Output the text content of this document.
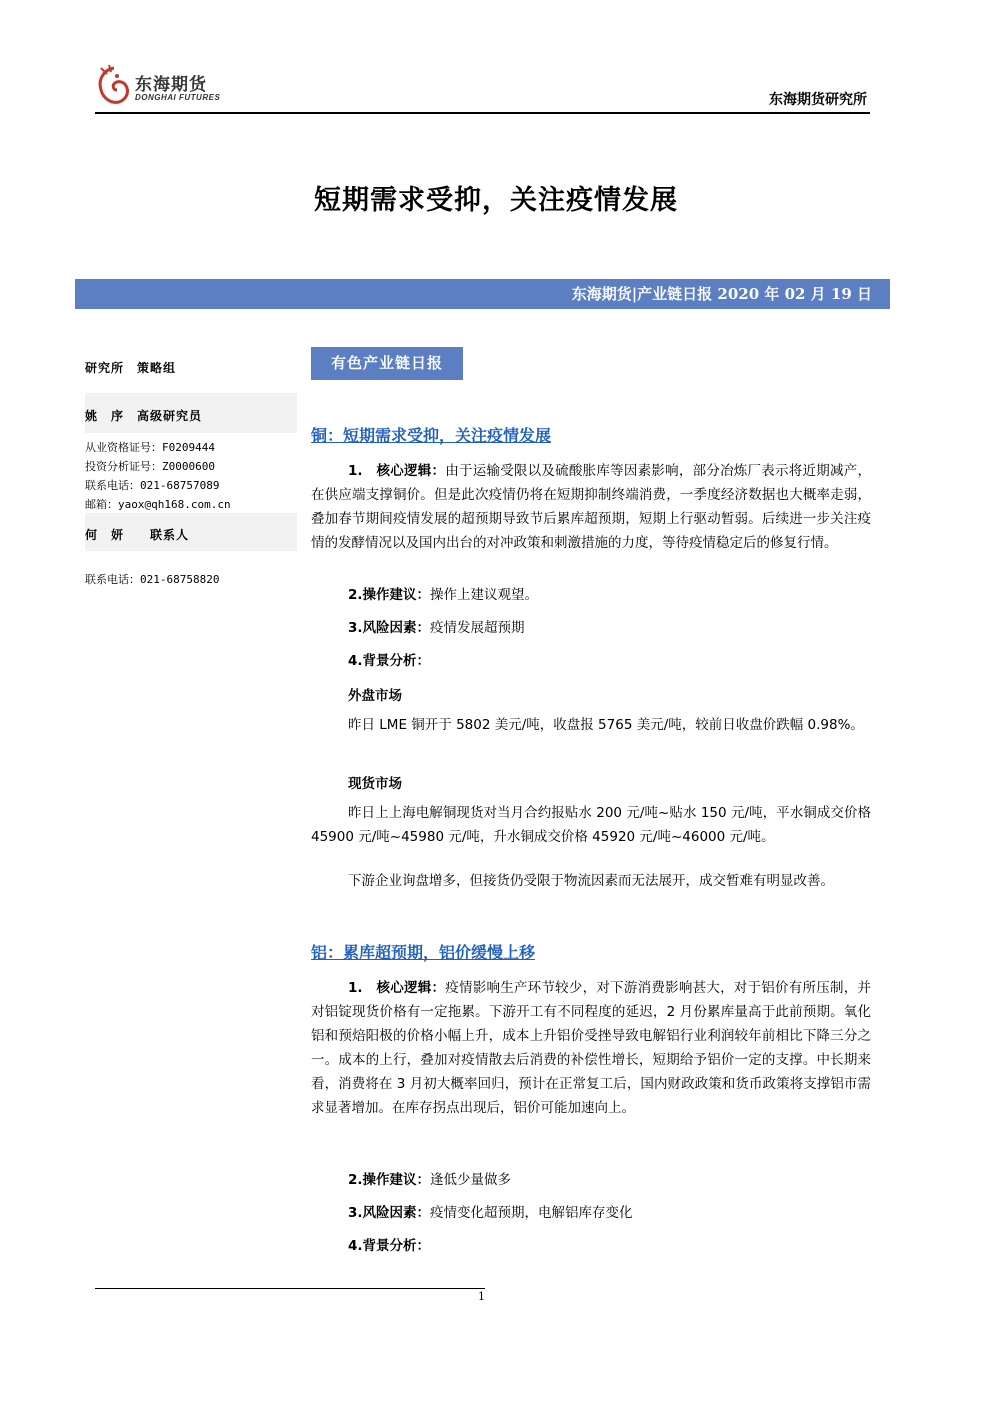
东海期货
DONGHAI FUTURES	东海期货研究所
短期需求受抑，关注疫情发展
东海期货|产业链日报 2020 年 02 月 19 日
研究所　策略组
姚　序　高级研究员
从业资格证号：F0209444
投资分析证号：Z0000600
联系电话：021-68757089
邮箱：yaox@qh168.com.cn
何　妍　　联系人
联系电话：021-68758820
有色产业链日报
铜：短期需求受抑，关注疫情发展
1.　核心逻辑：由于运输受限以及硫酸胀库等因素影响，部分冶炼厂表示将近期减产，在供应端支撑铜价。但是此次疫情仍将在短期抑制终端消费，一季度经济数据也大概率走弱，叠加春节期间疫情发展的超预期导致节后累库超预期，短期上行驱动暂弱。后续进一步关注疫情的发酵情况以及国内出台的对冲政策和刺激措施的力度，等待疫情稳定后的修复行情。
2.操作建议：操作上建议观望。
3.风险因素：疫情发展超预期
4.背景分析：
外盘市场
昨日 LME 铜开于 5802 美元/吨，收盘报 5765 美元/吨，较前日收盘价跌幅 0.98%。
现货市场
昨日上上海电解铜现货对当月合约报贴水 200 元/吨~贴水 150 元/吨，平水铜成交价格 45900 元/吨~45980 元/吨，升水铜成交价格 45920 元/吨~46000 元/吨。
下游企业询盘增多，但接货仍受限于物流因素而无法展开，成交暂难有明显改善。
铝：累库超预期，铝价缓慢上移
1.　核心逻辑：疫情影响生产环节较少，对下游消费影响甚大，对于铝价有所压制，并对铝锭现货价格有一定拖累。下游开工有不同程度的延迟，2 月份累库量高于此前预期。氧化铝和预焙阳极的价格小幅上升，成本上升铝价受挫导致电解铝行业利润较年前相比下降三分之一。成本的上行，叠加对疫情散去后消费的补偿性增长，短期给予铝价一定的支撑。中长期来看，消费将在 3 月初大概率回归，预计在正常复工后，国内财政政策和货币政策将支撑铝市需求显著增加。在库存拐点出现后，铝价可能加速向上。
2.操作建议：逢低少量做多
3.风险因素：疫情变化超预期，电解铝库存变化
4.背景分析：
1
